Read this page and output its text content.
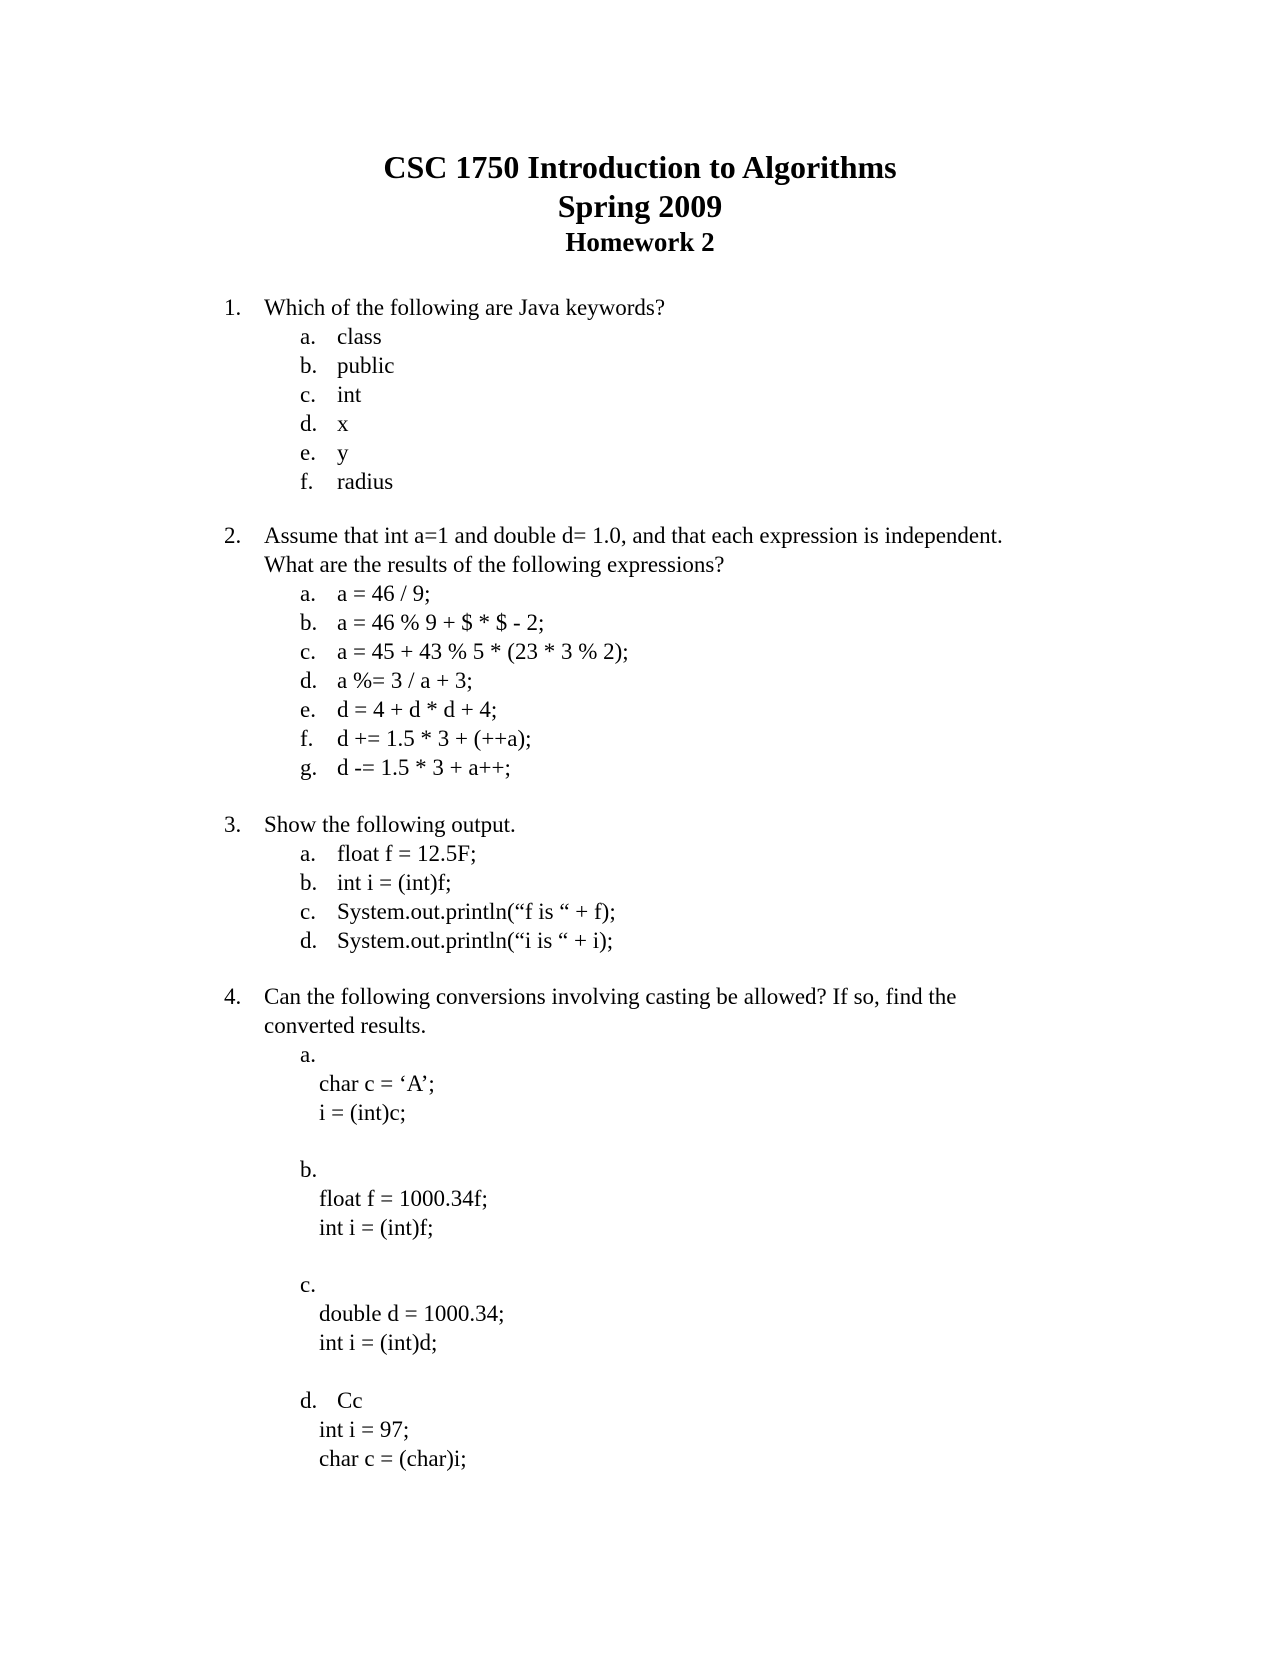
CSC 1750 Introduction to Algorithms
Spring 2009
Homework 2
1. Which of the following are Java keywords?
a. class
b. public
c. int
d. x
e. y
f. radius
2. Assume that int a=1 and double d= 1.0, and that each expression is independent.
What are the results of the following expressions?
a. a = 46 / 9;
b. a = 46 % 9 + $ * $ - 2;
c. a = 45 + 43 % 5 * (23 * 3 % 2);
d. a %= 3 / a + 3;
e. d = 4 + d * d + 4;
f. d += 1.5 * 3 + (++a);
g. d -= 1.5 * 3 + a++;
3. Show the following output.
a. float f = 12.5F;
b. int i = (int)f;
c. System.out.println(“f is “ + f);
d. System.out.println(“i is “ + i);
4. Can the following conversions involving casting be allowed? If so, find the
converted results.
a.
char c = ‘A’;
i = (int)c;
b.
float f = 1000.34f;
int i = (int)f;
c.
double d = 1000.34;
int i = (int)d;
d. Cc
int i = 97;
char c = (char)i;
